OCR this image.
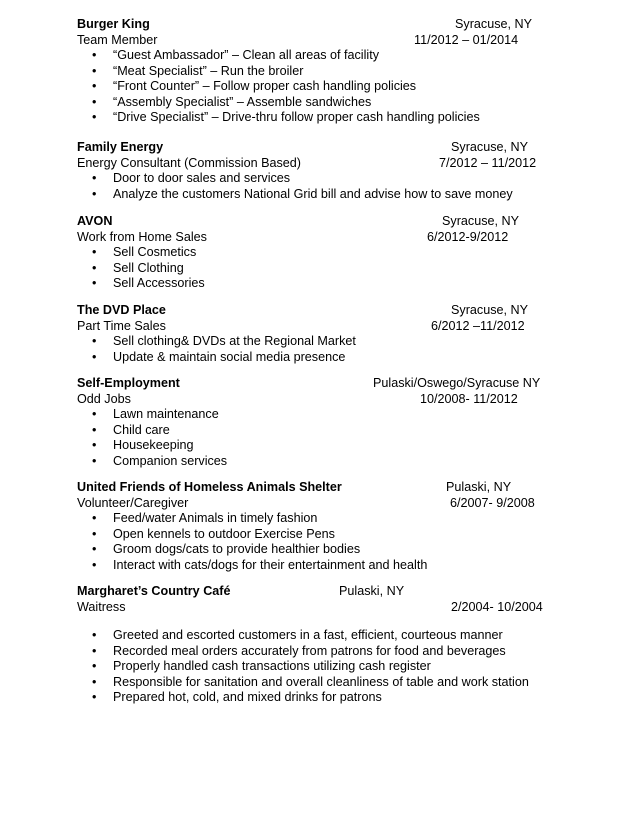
Burger King	Syracuse, NY
Team Member	11/2012 – 01/2014
• “Guest Ambassador” – Clean all areas of facility
• “Meat Specialist” – Run the broiler
• “Front Counter” – Follow proper cash handling policies
• “Assembly Specialist” – Assemble sandwiches
• “Drive Specialist” – Drive-thru follow proper cash handling policies
Family Energy	Syracuse, NY
Energy Consultant (Commission Based)	7/2012 – 11/2012
• Door to door sales and services
• Analyze the customers National Grid bill and advise how to save money
AVON	Syracuse, NY
Work from Home Sales	6/2012-9/2012
• Sell Cosmetics
• Sell Clothing
• Sell Accessories
The DVD Place	Syracuse, NY
Part Time Sales	6/2012 –11/2012
• Sell clothing& DVDs at the Regional Market
• Update & maintain social media presence
Self-Employment	Pulaski/Oswego/Syracuse NY
Odd Jobs	10/2008- 11/2012
• Lawn maintenance
• Child care
• Housekeeping
• Companion services
United Friends of Homeless Animals Shelter	Pulaski, NY
Volunteer/Caregiver	6/2007- 9/2008
• Feed/water Animals in timely fashion
• Open kennels to outdoor Exercise Pens
• Groom dogs/cats to provide healthier bodies
• Interact with cats/dogs for their entertainment and health
Margharet’s Country Café	Pulaski, NY
Waitress	2/2004- 10/2004
• Greeted and escorted customers in a fast, efficient, courteous manner
• Recorded meal orders accurately from patrons for food and beverages
• Properly handled cash transactions utilizing cash register
• Responsible for sanitation and overall cleanliness of table and work station
• Prepared hot, cold, and mixed drinks for patrons
